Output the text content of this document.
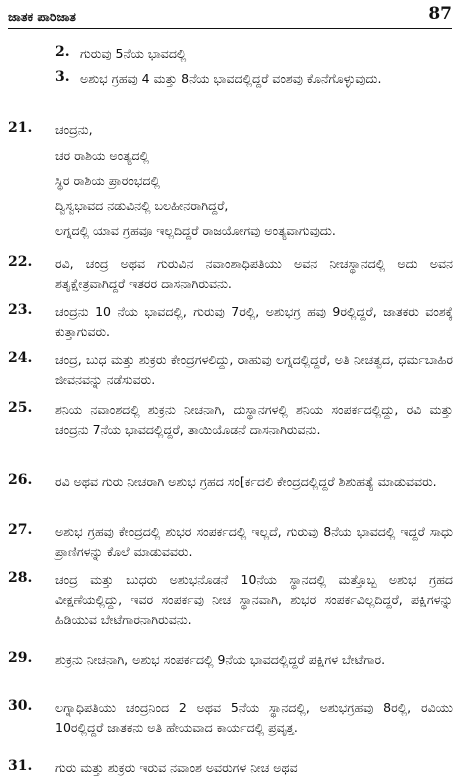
ಜಾತಕ ಪಾರಿಜಾತ	87
2. ಗುರುವು 5ನೆಯ ಭಾವದಲ್ಲಿ
3. ಅಶುಭ ಗ್ರಹವು 4 ಮತ್ತು 8ನೆಯ ಭಾವದಲ್ಲಿದ್ದರೆ ವಂಶವು ಕೊನೆಗೊಳ್ಳುವುದು.
21. ಚಂದ್ರನು,
ಚರ ರಾಶಿಯ ಅಂತ್ಯದಲ್ಲಿ
ಸ್ಥಿರ ರಾಶಿಯ ಪ್ರಾರಂಭದಲ್ಲಿ
ದ್ವಿಸ್ವಭಾವದ ನಡುವಿನಲ್ಲಿ ಬಲಹೀನರಾಗಿದ್ದರೆ,
ಲಗ್ನದಲ್ಲಿ ಯಾವ ಗ್ರಹವೂ ಇಲ್ಲದಿದ್ದರೆ ರಾಜಯೋಗವು ಅಂತ್ಯವಾಗುವುದು.
22. ರವಿ, ಚಂದ್ರ ಅಥವ ಗುರುವಿನ ನವಾಂಶಾಧಿಪತಿಯು ಅವನ ನೀಚಸ್ಥಾನದಲ್ಲಿ ಅದು ಅವನ ಶತೃಕ್ಷೇತ್ರವಾಗಿದ್ದರೆ ಇತರರ ದಾಸನಾಗಿರುವನು.
23. ಚಂದ್ರನು 10 ನೆಯ ಭಾವದಲ್ಲಿ, ಗುರುವು 7ರಲ್ಲಿ, ಅಶುಭಗ್ರ ಹವು 9ರಲ್ಲಿದ್ದರೆ, ಜಾತಕರು ವಂಶಕ್ಕೆ ಕುತ್ತಾಗುವರು.
24. ಚಂದ್ರ, ಬುಧ ಮತ್ತು ಶುಕ್ರರು ಕೇಂದ್ರಗಳಲಿದ್ದು, ರಾಹುವು ಲಗ್ನದಲ್ಲಿದ್ದರೆ, ಅತಿ ನೀಚತ್ವದ, ಧರ್ಮಬಾಹಿರ ಜೀವನವನ್ನು ನಡೆಸುವರು.
25. ಶನಿಯ ನವಾಂಶದಲ್ಲಿ ಶುಕ್ರನು ನೀಚನಾಗಿ, ದುಸ್ಥಾನಗಳಲ್ಲಿ ಶನಿಯ ಸಂಪರ್ಕದಲ್ಲಿದ್ದು, ರವಿ ಮತ್ತು ಚಂದ್ರನು 7ನೆಯ ಭಾವದಲ್ಲಿದ್ದರೆ, ತಾಯಿಯೊಡನೆ ದಾಸನಾಗಿರುವನು.
26. ರವಿ ಅಥವ ಗುರು ನೀಚರಾಗಿ ಅಶುಭ ಗ್ರಹದ ಸಂ[ರ್ಕದಲಿ ಕೇಂದ್ರದಲ್ಲಿದ್ದರೆ ಶಿಶುಹತ್ಯೆ ಮಾಡುವವರು.
27. ಅಶುಭ ಗ್ರಹವು ಕೇಂದ್ರದಲ್ಲಿ ಶುಭರ ಸಂಪರ್ಕದಲ್ಲಿ ಇಲ್ಲದೆ, ಗುರುವು 8ನೆಯ ಭಾವದಲ್ಲಿ ಇದ್ದರೆ ಸಾಧು ಪ್ರಾಣಿಗಳನ್ನು ಕೊಲೆ ಮಾಡುವವರು.
28. ಚಂದ್ರ ಮತ್ತು ಬುಧರು ಅಶುಭನೊಡನೆ 10ನೆಯ ಸ್ಥಾನದಲ್ಲಿ ಮತ್ತೊಬ್ಬ ಅಶುಭ ಗ್ರಹದ ವೀಕ್ಷಣೆಯಲ್ಲಿದ್ದು, ಇವರ ಸಂಪರ್ಕವು ನೀಚ ಸ್ಥಾನವಾಗಿ, ಶುಭರ ಸಂಪರ್ಕವಿಲ್ಲದಿದ್ದರೆ, ಪಕ್ಷಿಗಳನ್ನು ಹಿಡಿಯುವ ಬೇಟೆಗಾರನಾಗಿರುವನು.
29. ಶುಕ್ರನು ನೀಚನಾಗಿ, ಅಶುಭ ಸಂಪರ್ಕದಲ್ಲಿ 9ನೆಯ ಭಾವದಲ್ಲಿದ್ದರೆ ಪಕ್ಷಿಗಳ ಬೇಟೆಗಾರ.
30. ಲಗ್ನಾಧಿಪತಿಯು ಚಂದ್ರನಿಂದ 2 ಅಥವ 5ನೆಯ ಸ್ಥಾನದಲ್ಲಿ, ಅಶುಭಗ್ರಹವು 8ರಲ್ಲಿ, ರವಿಯು 10ರಲ್ಲಿದ್ದರೆ ಜಾತಕನು ಅತಿ ಹೇಯವಾದ ಕಾರ್ಯದಲ್ಲಿ ಪ್ರವೃತ್ತ.
31. ಗುರು ಮತ್ತು ಶುಕ್ರರು ಇರುವ ನವಾಂಶ ಅವರುಗಳ ನೀಚ ಅಥವ
